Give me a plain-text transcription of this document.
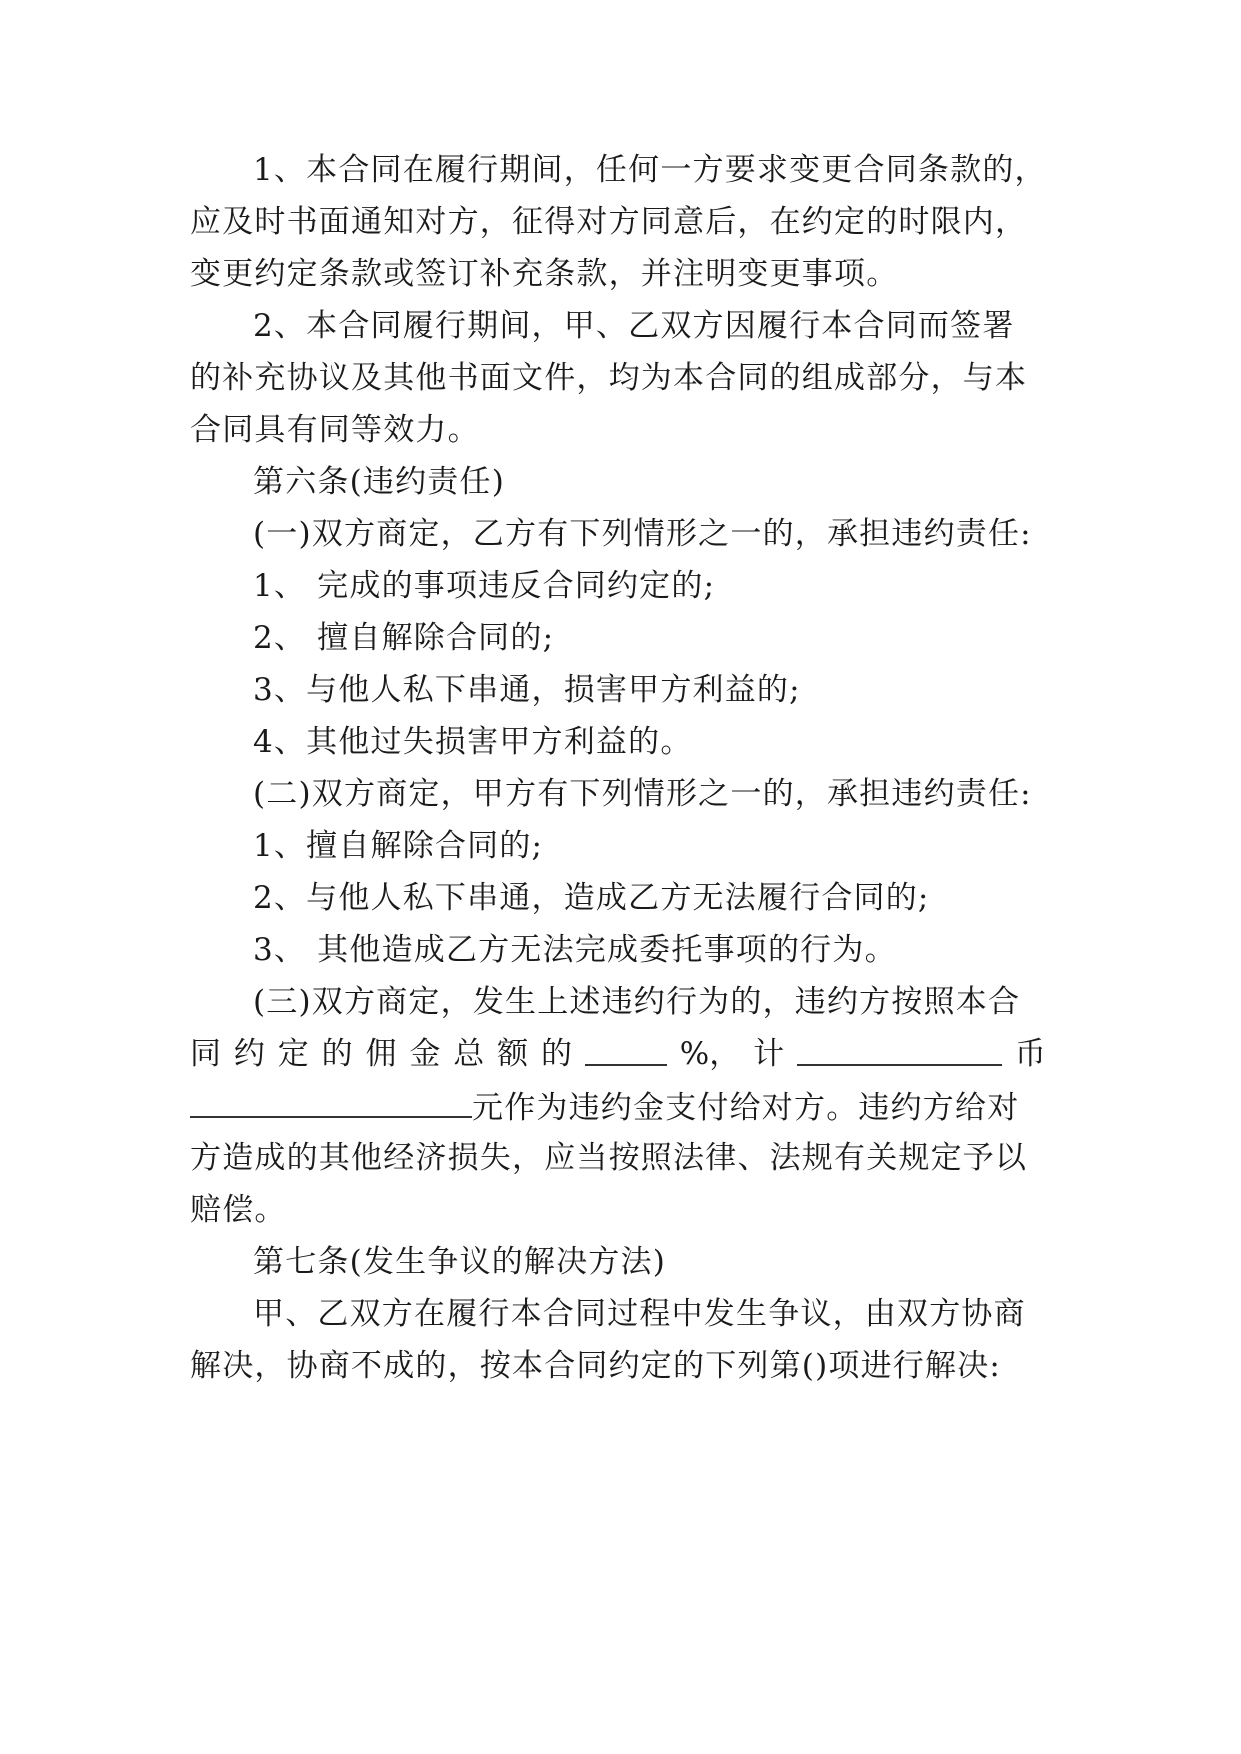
1、本合同在履行期间，任何一方要求变更合同条款的，
应及时书面通知对方，征得对方同意后，在约定的时限内，
变更约定条款或签订补充条款，并注明变更事项。
2、本合同履行期间，甲、乙双方因履行本合同而签署
的补充协议及其他书面文件，均为本合同的组成部分，与本
合同具有同等效力。
第六条(违约责任)
(一)双方商定，乙方有下列情形之一的，承担违约责任:
1、 完成的事项违反合同约定的;
2、 擅自解除合同的;
3、与他人私下串通，损害甲方利益的;
4、其他过失损害甲方利益的。
(二)双方商定，甲方有下列情形之一的，承担违约责任:
1、擅自解除合同的;
2、与他人私下串通，造成乙方无法履行合同的;
3、 其他造成乙方无法完成委托事项的行为。
(三)双方商定，发生上述违约行为的，违约方按照本合
同 约 定 的 佣 金 总 额 的	%， 计	币
元作为违约金支付给对方。违约方给对
方造成的其他经济损失，应当按照法律、法规有关规定予以
赔偿。
第七条(发生争议的解决方法)
甲、乙双方在履行本合同过程中发生争议，由双方协商
解决，协商不成的，按本合同约定的下列第()项进行解决:
